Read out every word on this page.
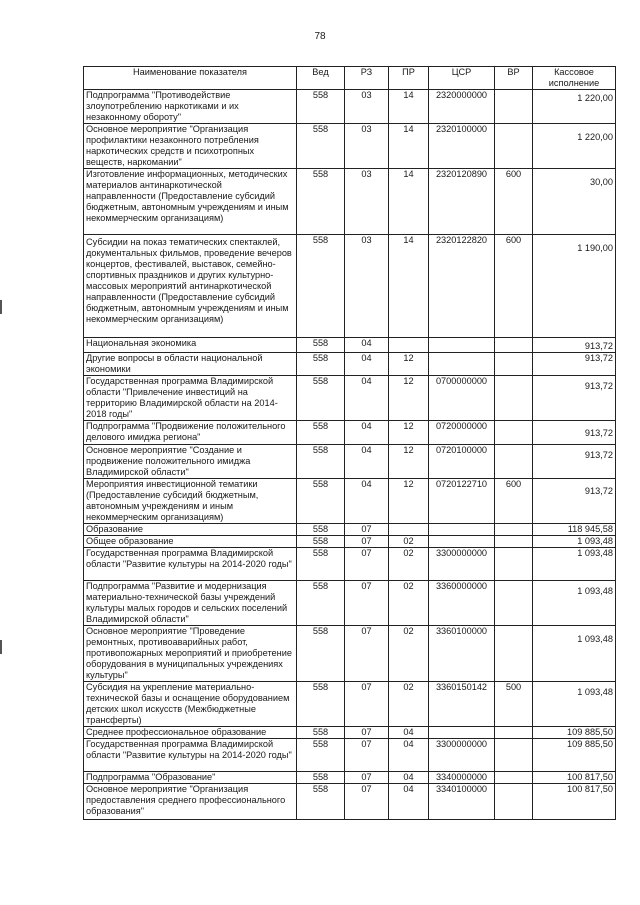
78
Наименование показателя	Вед	РЗ	ПР	ЦСР	ВР	Кассовое исполнение
Подпрограмма "Противодействие злоупотреблению наркотиками и их незаконному обороту"	558	03	14	2320000000		1 220,00
Основное мероприятие "Организация профилактики незаконного потребления наркотических средств и психотропных веществ, наркомании"	558	03	14	2320100000		1 220,00
Изготовление информационных, методических материалов антинаркотической направленности (Предоставление субсидий бюджетным, автономным учреждениям и иным некоммерческим организациям)	558	03	14	2320120890	600	30,00
Субсидии на показ тематических спектаклей, документальных фильмов, проведение вечеров концертов, фестивалей, выставок, семейно-спортивных праздников и других культурно-массовых мероприятий антинаркотической направленности (Предоставление субсидий бюджетным, автономным учреждениям и иным некоммерческим организациям)	558	03	14	2320122820	600	1 190,00
Национальная экономика	558	04				913,72
Другие вопросы в области национальной экономики	558	04	12			913,72
Государственная программа Владимирской области "Привлечение инвестиций на территорию Владимирской области на 2014-2018 годы"	558	04	12	0700000000		913,72
Подпрограмма "Продвижение положительного делового имиджа региона"	558	04	12	0720000000		913,72
Основное мероприятие "Создание и продвижение положительного имиджа Владимирской области"	558	04	12	0720100000		913,72
Мероприятия инвестиционной тематики (Предоставление субсидий бюджетным, автономным учреждениям и иным некоммерческим организациям)	558	04	12	0720122710	600	913,72
Образование	558	07				118 945,58
Общее образование	558	07	02			1 093,48
Государственная программа Владимирской области "Развитие культуры на 2014-2020 годы"	558	07	02	3300000000		1 093,48
Подпрограмма "Развитие и модернизация материально-технической базы учреждений культуры малых городов и сельских поселений Владимирской области"	558	07	02	3360000000		1 093,48
Основное мероприятие "Проведение ремонтных, противоаварийных работ, противопожарных мероприятий и приобретение оборудования в муниципальных учреждениях культуры"	558	07	02	3360100000		1 093,48
Субсидия на укрепление материально-технической базы и оснащение оборудованием детских школ искусств (Межбюджетные трансферты)	558	07	02	3360150142	500	1 093,48
Среднее профессиональное образование	558	07	04			109 885,50
Государственная программа Владимирской области "Развитие культуры на 2014-2020 годы"	558	07	04	3300000000		109 885,50
Подпрограмма "Образование"	558	07	04	3340000000		100 817,50
Основное мероприятие "Организация предоставления среднего профессионального образования"	558	07	04	3340100000		100 817,50
